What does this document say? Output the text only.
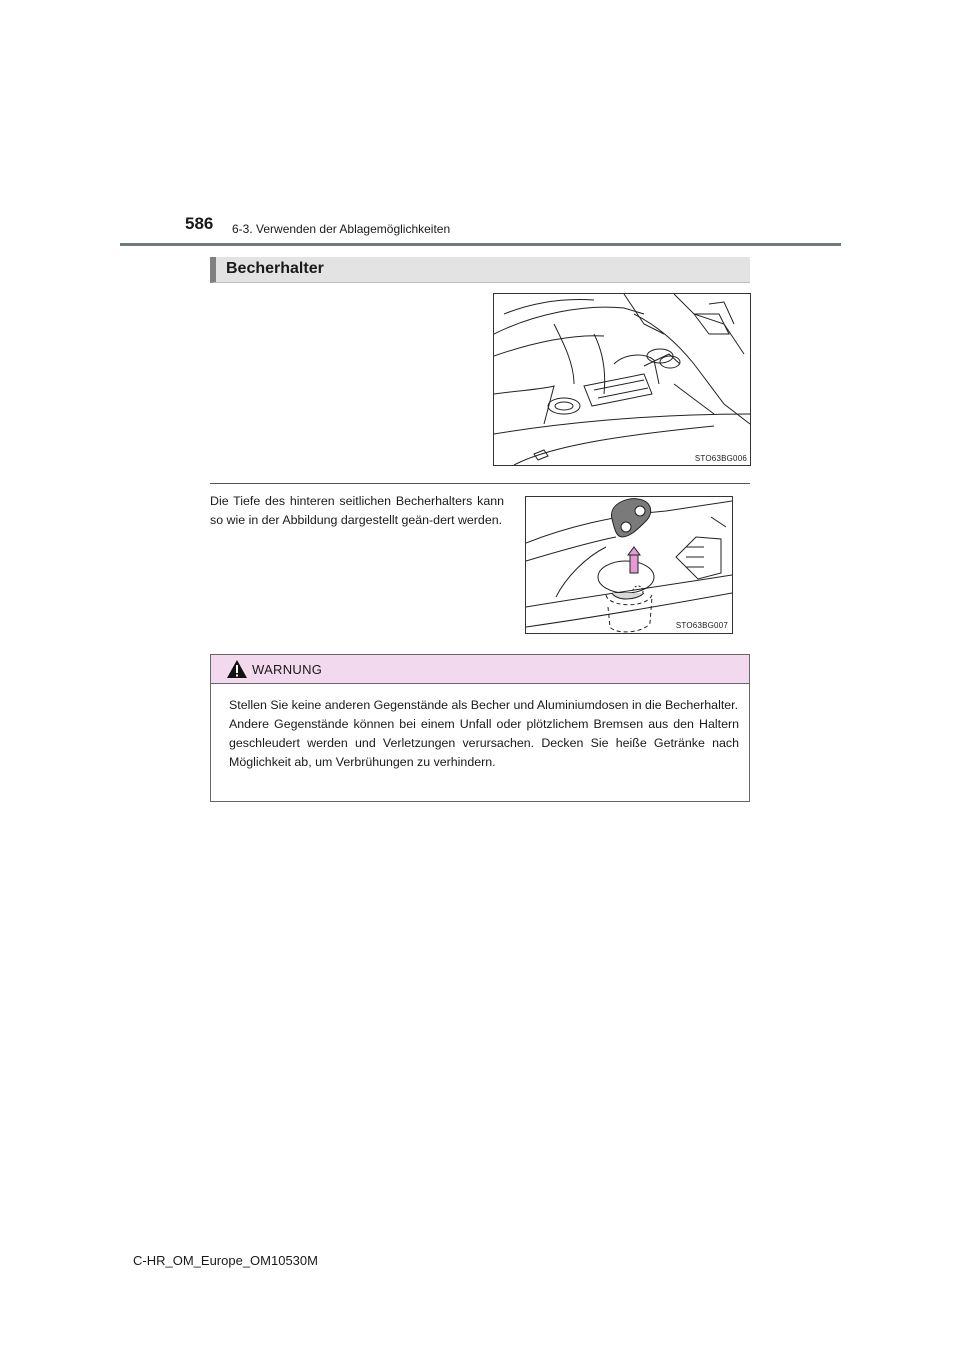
586 6-3. Verwenden der Ablagemöglichkeiten
Becherhalter
STO63BG006
Die Tiefe des hinteren seitlichen Becherhalters kann so wie in der Abbildung dargestellt geän-dert werden.
STO63BG007
WARNUNG

Stellen Sie keine anderen Gegenstände als Becher und Aluminiumdosen in die Becherhalter.

Andere Gegenstände können bei einem Unfall oder plötzlichem Bremsen aus den Haltern geschleudert werden und Verletzungen verursachen. Decken Sie heiße Getränke nach Möglichkeit ab, um Verbrühungen zu verhindern.

C-HR_OM_Europe_OM10530M
